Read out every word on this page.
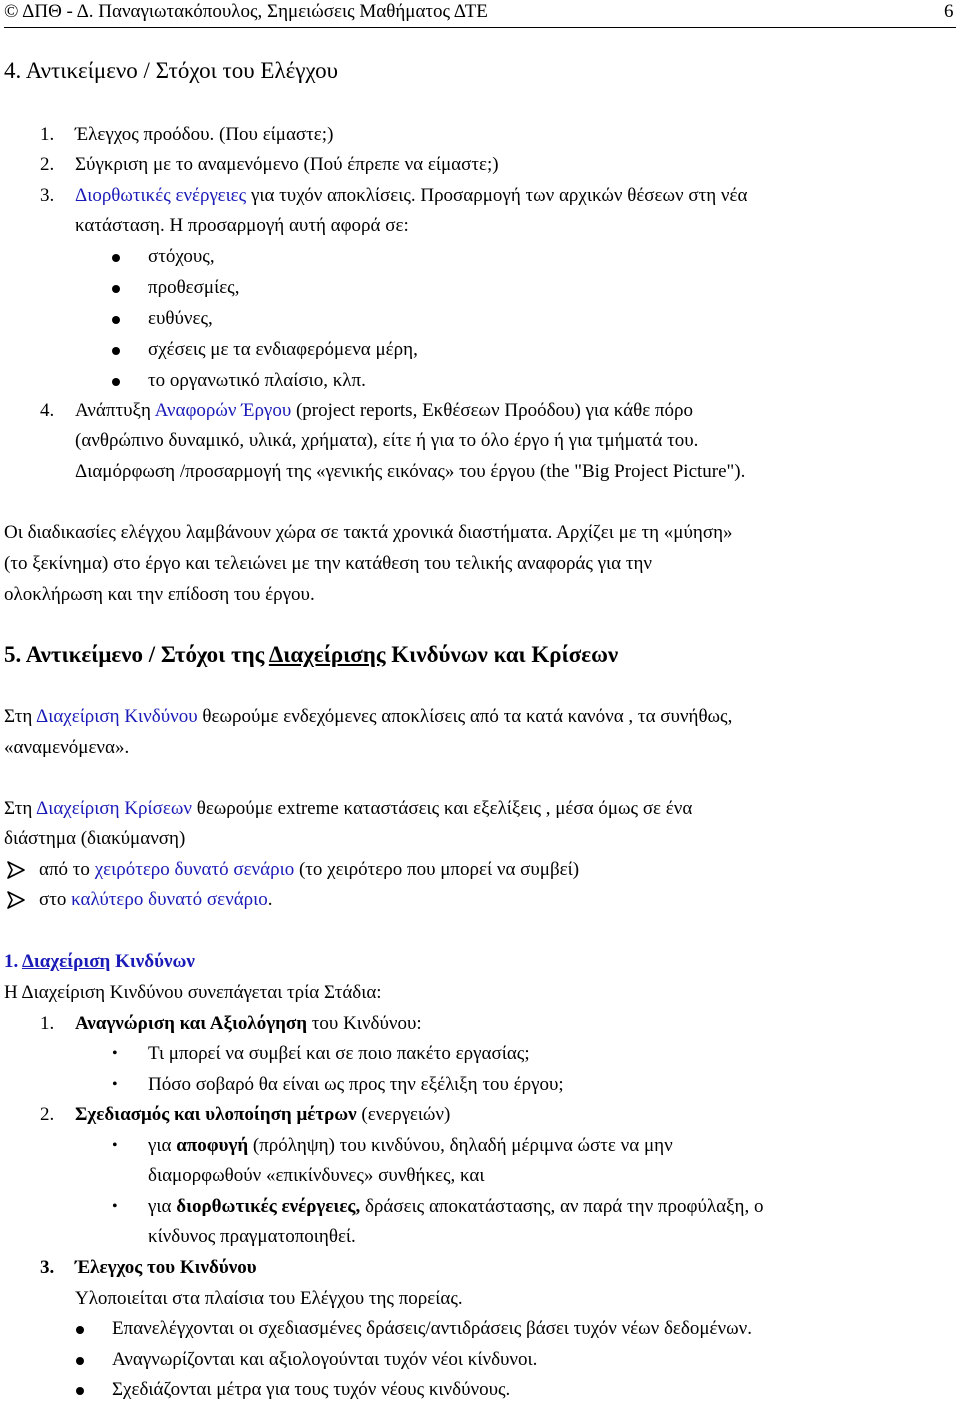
© ΔΠΘ - Δ. Παναγιωτακόπουλος, Σημειώσεις Μαθήματος ΔΤΕ	6
4. Αντικείμενο / Στόχοι του Ελέγχου
1. Έλεγχος προόδου. (Που είμαστε;)
2. Σύγκριση με το αναμενόμενο (Πού έπρεπε να είμαστε;)
3. Διορθωτικές ενέργειες για τυχόν αποκλίσεις. Προσαρμογή των αρχικών θέσεων στη νέα
κατάσταση. Η προσαρμογή αυτή αφορά σε:
στόχους,
προθεσμίες,
ευθύνες,
σχέσεις με τα ενδιαφερόμενα μέρη,
το οργανωτικό πλαίσιο, κλπ.
4. Ανάπτυξη Αναφορών Έργου (project reports, Εκθέσεων Προόδου) για κάθε πόρο
(ανθρώπινο δυναμικό, υλικά, χρήματα), είτε ή για το όλο έργο ή για τμήματά του.
Διαμόρφωση /προσαρμογή της «γενικής εικόνας» του έργου (the "Big Project Picture").
Οι διαδικασίες ελέγχου λαμβάνουν χώρα σε τακτά χρονικά διαστήματα. Αρχίζει με τη «μύηση»
(το ξεκίνημα) στο έργο και τελειώνει με την κατάθεση του τελικής αναφοράς για την
ολοκλήρωση και την επίδοση του έργου.
5. Αντικείμενο / Στόχοι της Διαχείρισης Κινδύνων και Κρίσεων
Στη Διαχείριση Κινδύνου θεωρούμε ενδεχόμενες αποκλίσεις από τα κατά κανόνα , τα συνήθως,
«αναμενόμενα».
Στη Διαχείριση Κρίσεων θεωρούμε extreme καταστάσεις και εξελίξεις , μέσα όμως σε ένα
διάστημα (διακύμανση)
από το χειρότερο δυνατό σενάριο (το χειρότερο που μπορεί να συμβεί)
στο καλύτερο δυνατό σενάριο.
1. Διαχείριση Κινδύνων
Η Διαχείριση Κινδύνου συνεπάγεται τρία Στάδια:
1. Αναγνώριση και Αξιολόγηση του Κινδύνου:
• Τι μπορεί να συμβεί και σε ποιο πακέτο εργασίας;
• Πόσο σοβαρό θα είναι ως προς την εξέλιξη του έργου;
2. Σχεδιασμός και υλοποίηση μέτρων (ενεργειών)
• για αποφυγή (πρόληψη) του κινδύνου, δηλαδή μέριμνα ώστε να μην
διαμορφωθούν «επικίνδυνες» συνθήκες, και
• για διορθωτικές ενέργειες, δράσεις αποκατάστασης, αν παρά την προφύλαξη, ο
κίνδυνος πραγματοποιηθεί.
3. Έλεγχος του Κινδύνου
Υλοποιείται στα πλαίσια του Ελέγχου της πορείας.
Επανελέγχονται οι σχεδιασμένες δράσεις/αντιδράσεις βάσει τυχόν νέων δεδομένων.
Αναγνωρίζονται και αξιολογούνται τυχόν νέοι κίνδυνοι.
Σχεδιάζονται μέτρα για τους τυχόν νέους κινδύνους.
